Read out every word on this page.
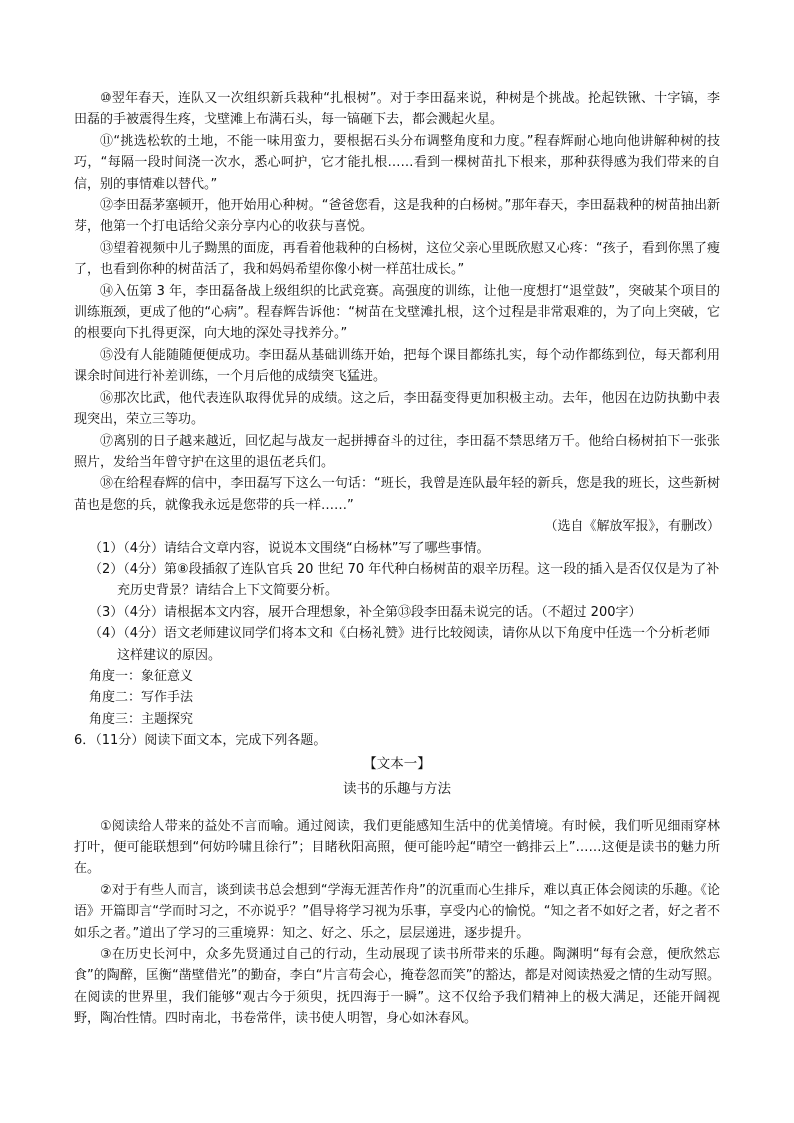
⑩翌年春天，连队又一次组织新兵栽种“扎根树”。对于李田磊来说，种树是个挑战。抡起铁锹、十字镐，李田磊的手被震得生疼，戈壁滩上布满石头，每一镐砸下去，都会溅起火星。

⑪“挑选松软的土地，不能一味用蛮力，要根据石头分布调整角度和力度。”程春辉耐心地向他讲解种树的技巧，“每隔一段时间浇一次水，悉心呵护，它才能扎根……看到一棵树苗扎下根来，那种获得感为我们带来的自信，别的事情难以替代。”

⑫李田磊茅塞顿开，他开始用心种树。“爸爸您看，这是我种的白杨树。”那年春天，李田磊栽种的树苗抽出新芽，他第一个打电话给父亲分享内心的收获与喜悦。

⑬望着视频中儿子黝黑的面庞，再看着他栽种的白杨树，这位父亲心里既欣慰又心疼：“孩子，看到你黑了瘦了，也看到你种的树苗活了，我和妈妈希望你像小树一样茁壮成长。”

⑭入伍第 3 年，李田磊备战上级组织的比武竞赛。高强度的训练，让他一度想打“退堂鼓”，突破某个项目的训练瓶颈，更成了他的“心病”。程春辉告诉他：“树苗在戈壁滩扎根，这个过程是非常艰难的，为了向上突破，它的根要向下扎得更深，向大地的深处寻找养分。”

⑮没有人能随随便便成功。李田磊从基础训练开始，把每个课目都练扎实，每个动作都练到位，每天都利用课余时间进行补差训练，一个月后他的成绩突飞猛进。

⑯那次比武，他代表连队取得优异的成绩。这之后，李田磊变得更加积极主动。去年，他因在边防执勤中表现突出，荣立三等功。

⑰离别的日子越来越近，回忆起与战友一起拼搏奋斗的过往，李田磊不禁思绪万千。他给白杨树拍下一张张照片，发给当年曾守护在这里的退伍老兵们。

⑱在给程春辉的信中，李田磊写下这么一句话：“班长，我曾是连队最年轻的新兵，您是我的班长，这些新树苗也是您的兵，就像我永远是您带的兵一样……”

（选自《解放军报》，有删改）

（1）（4分）请结合文章内容，说说本文围绕“白杨林”写了哪些事情。

（2）（4分）第⑧段插叙了连队官兵 20 世纪 70 年代种白杨树苗的艰辛历程。这一段的插入是否仅仅是为了补充历史背景？请结合上下文简要分析。

（3）（4分）请根据本文内容，展开合理想象，补全第⑬段李田磊未说完的话。（不超过 200字）

（4）（4分）语文老师建议同学们将本文和《白杨礼赞》进行比较阅读，请你从以下角度中任选一个分析老师这样建议的原因。

角度一：象征意义

角度二：写作手法

角度三：主题探究

6．（11分）阅读下面文本，完成下列各题。

【文本一】

读书的乐趣与方法

①阅读给人带来的益处不言而喻。通过阅读，我们更能感知生活中的优美情境。有时候，我们听见细雨穿林打叶，便可能联想到“何妨吟啸且徐行”；目睹秋阳高照，便可能吟起“晴空一鹤排云上”……这便是读书的魅力所在。

②对于有些人而言，谈到读书总会想到“学海无涯苦作舟”的沉重而心生排斥，难以真正体会阅读的乐趣。《论语》开篇即言“学而时习之，不亦说乎？”倡导将学习视为乐事，享受内心的愉悦。“知之者不如好之者，好之者不如乐之者。”道出了学习的三重境界：知之、好之、乐之，层层递进，逐步提升。

③在历史长河中，众多先贤通过自己的行动，生动展现了读书所带来的乐趣。陶渊明“每有会意，便欣然忘食”的陶醉，匡衡“凿壁借光”的勤奋，李白“片言苟会心，掩卷忽而笑”的豁达，都是对阅读热爱之情的生动写照。在阅读的世界里，我们能够“观古今于须臾，抚四海于一瞬”。这不仅给予我们精神上的极大满足，还能开阔视野，陶冶性情。四时南北，书卷常伴，读书使人明智，身心如沐春风。
